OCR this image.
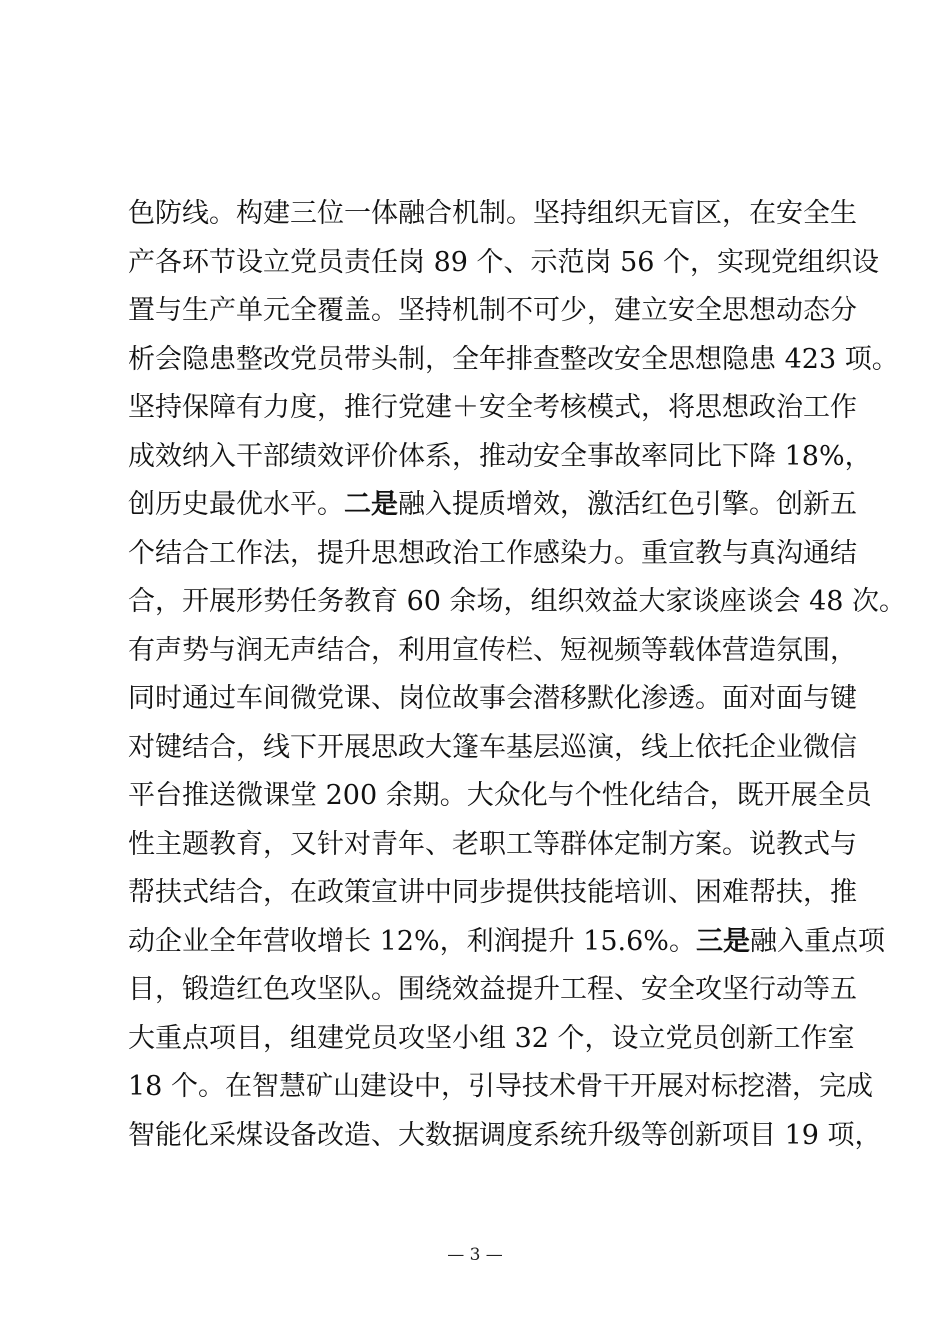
色防线。构建三位一体融合机制。坚持组织无盲区，在安全生
产各环节设立党员责任岗 89 个、示范岗 56 个，实现党组织设
置与生产单元全覆盖。坚持机制不可少，建立安全思想动态分
析会隐患整改党员带头制，全年排查整改安全思想隐患 423 项。
坚持保障有力度，推行党建＋安全考核模式，将思想政治工作
成效纳入干部绩效评价体系，推动安全事故率同比下降 18%，
创历史最优水平。二是融入提质增效，激活红色引擎。创新五
个结合工作法，提升思想政治工作感染力。重宣教与真沟通结
合，开展形势任务教育 60 余场，组织效益大家谈座谈会 48 次。
有声势与润无声结合，利用宣传栏、短视频等载体营造氛围，
同时通过车间微党课、岗位故事会潜移默化渗透。面对面与键
对键结合，线下开展思政大篷车基层巡演，线上依托企业微信
平台推送微课堂 200 余期。大众化与个性化结合，既开展全员
性主题教育，又针对青年、老职工等群体定制方案。说教式与
帮扶式结合，在政策宣讲中同步提供技能培训、困难帮扶，推
动企业全年营收增长 12%，利润提升 15.6%。三是融入重点项
目，锻造红色攻坚队。围绕效益提升工程、安全攻坚行动等五
大重点项目，组建党员攻坚小组 32 个，设立党员创新工作室
18 个。在智慧矿山建设中，引导技术骨干开展对标挖潜，完成
智能化采煤设备改造、大数据调度系统升级等创新项目 19 项，
— 3 —
